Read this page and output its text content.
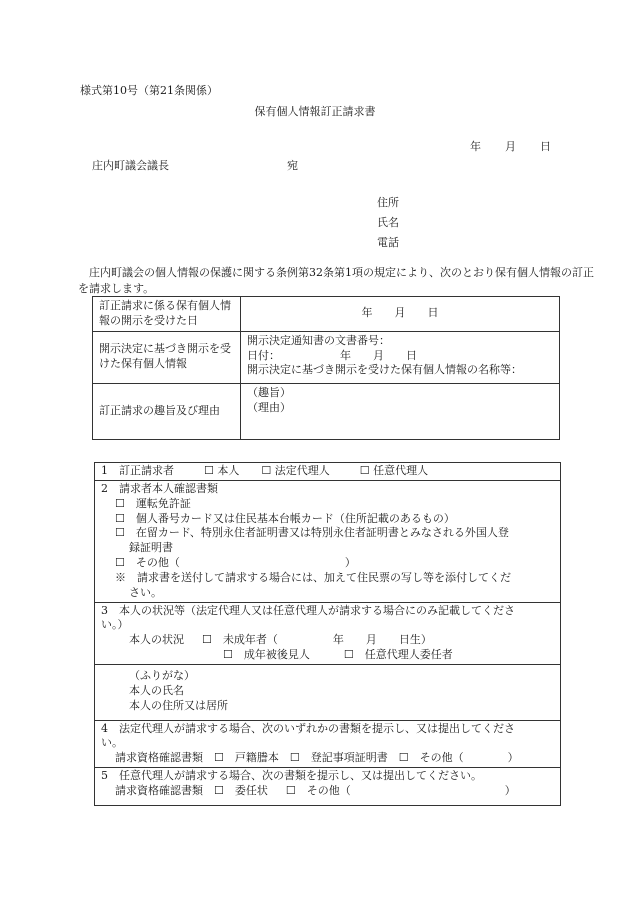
様式第10号（第21条関係）
保有個人情報訂正請求書
年 月 日
庄内町議会議長	宛
住所
氏名
電話
庄内町議会の個人情報の保護に関する条例第32条第1項の規定により、次のとおり保有個人情報の訂正を請求します。
訂正請求に係る保有個人情報の開示を受けた日	年　　月　　日
開示決定に基づき開示を受けた保有個人情報	開示決定通知書の文書番号：
日付： 年　　月　　日
開示決定に基づき開示を受けた保有個人情報の名称等：

訂正請求の趣旨及び理由	（趣旨）
（理由）
1　訂正請求者	☐ 本人 ☐ 法定代理人	☐ 任意代理人

2　請求者本人確認書類
☐　 運転免許証
☐　 個人番号カード又は住民基本台帳カード（住所記載のあるもの）
☐　 在留カード、特別永住者証明書又は特別永住者証明書とみなされる外国人登
録証明書
☐　 その他（　　　　　　　　　　　　　　　）
※　 請求書を送付して請求する場合には、加えて住民票の写し等を添付してくだ
さい。

3　本人の状況等（法定代理人又は任意代理人が請求する場合にのみ記載してくださ
い。）
本人の状況 ☐　 未成年者（　　　　　年　　月　　日生）
☐　 成年被後見人	☐　 任意代理人委任者

（ふりがな）
本人の氏名
本人の住所又は居所

4　法定代理人が請求する場合、次のいずれかの書類を提示し、又は提出してくださ
い。
請求資格確認書類　 ☐　 戸籍謄本　 ☐　 登記事項証明書　 ☐　 その他（　　　　）

5　任意代理人が請求する場合、次の書類を提示し、又は提出してください。
請求資格確認書類　 ☐　 委任状 ☐　 その他（　　　　　　　　　　　　　　）
